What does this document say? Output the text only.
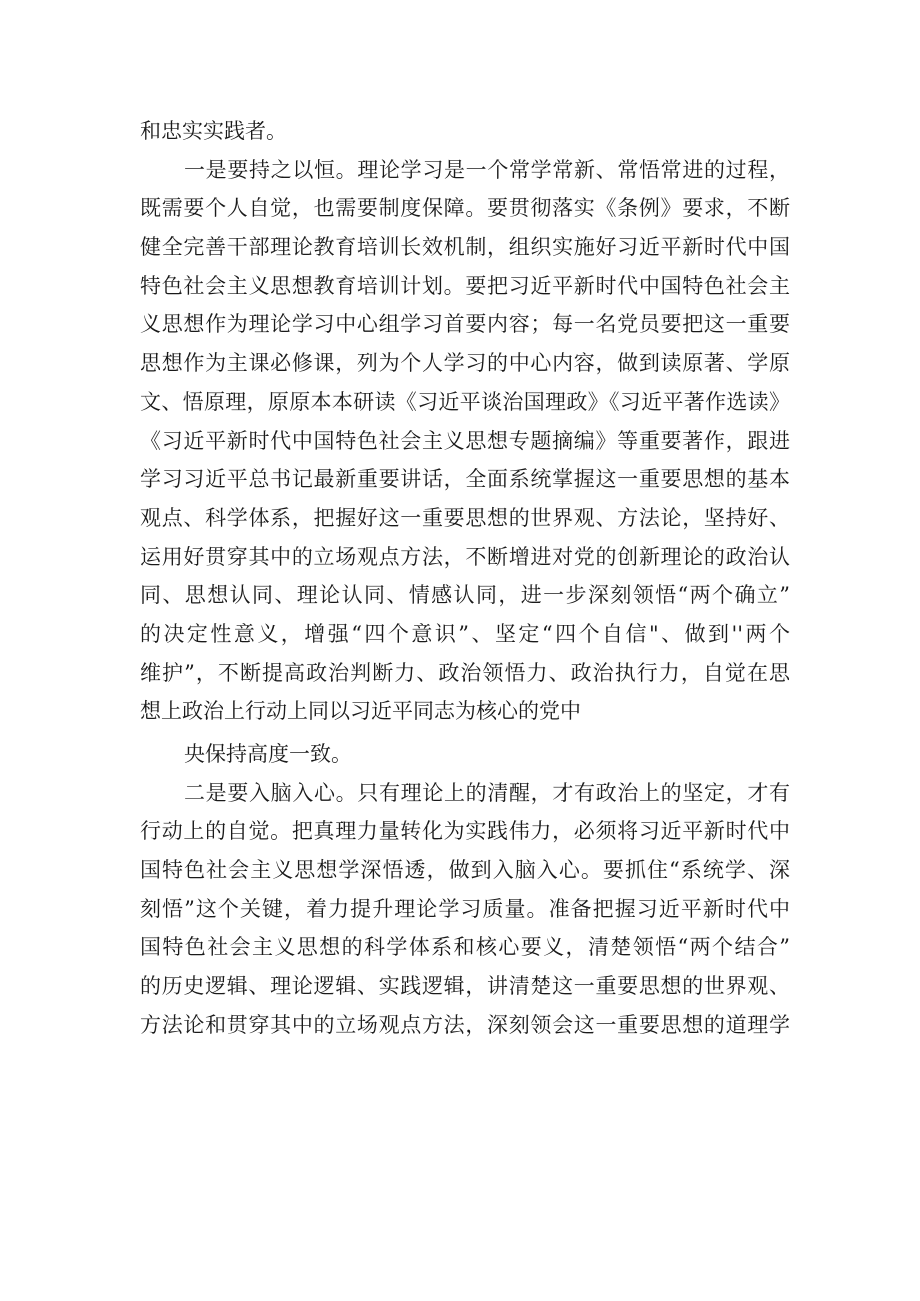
和忠实实践者。
一是要持之以恒。理论学习是一个常学常新、常悟常进的过程，
既需要个人自觉，也需要制度保障。要贯彻落实《条例》要求，不断
健全完善干部理论教育培训长效机制，组织实施好习近平新时代中国
特色社会主义思想教育培训计划。要把习近平新时代中国特色社会主
义思想作为理论学习中心组学习首要内容；每一名党员要把这一重要
思想作为主课必修课，列为个人学习的中心内容，做到读原著、学原
文、悟原理，原原本本研读《习近平谈治国理政》《习近平著作选读》
《习近平新时代中国特色社会主义思想专题摘编》等重要著作，跟进
学习习近平总书记最新重要讲话，全面系统掌握这一重要思想的基本
观点、科学体系，把握好这一重要思想的世界观、方法论，坚持好、
运用好贯穿其中的立场观点方法，不断增进对党的创新理论的政治认
同、思想认同、理论认同、情感认同，进一步深刻领悟“两个确立”
的决定性意义，增强“四个意识”、坚定“四个自信"、做到''两个
维护”，不断提高政治判断力、政治领悟力、政治执行力，自觉在思
想上政治上行动上同以习近平同志为核心的党中
央保持高度一致。
二是要入脑入心。只有理论上的清醒，才有政治上的坚定，才有
行动上的自觉。把真理力量转化为实践伟力，必须将习近平新时代中
国特色社会主义思想学深悟透，做到入脑入心。要抓住“系统学、深
刻悟”这个关键，着力提升理论学习质量。准备把握习近平新时代中
国特色社会主义思想的科学体系和核心要义，清楚领悟“两个结合”
的历史逻辑、理论逻辑、实践逻辑，讲清楚这一重要思想的世界观、
方法论和贯穿其中的立场观点方法，深刻领会这一重要思想的道理学
